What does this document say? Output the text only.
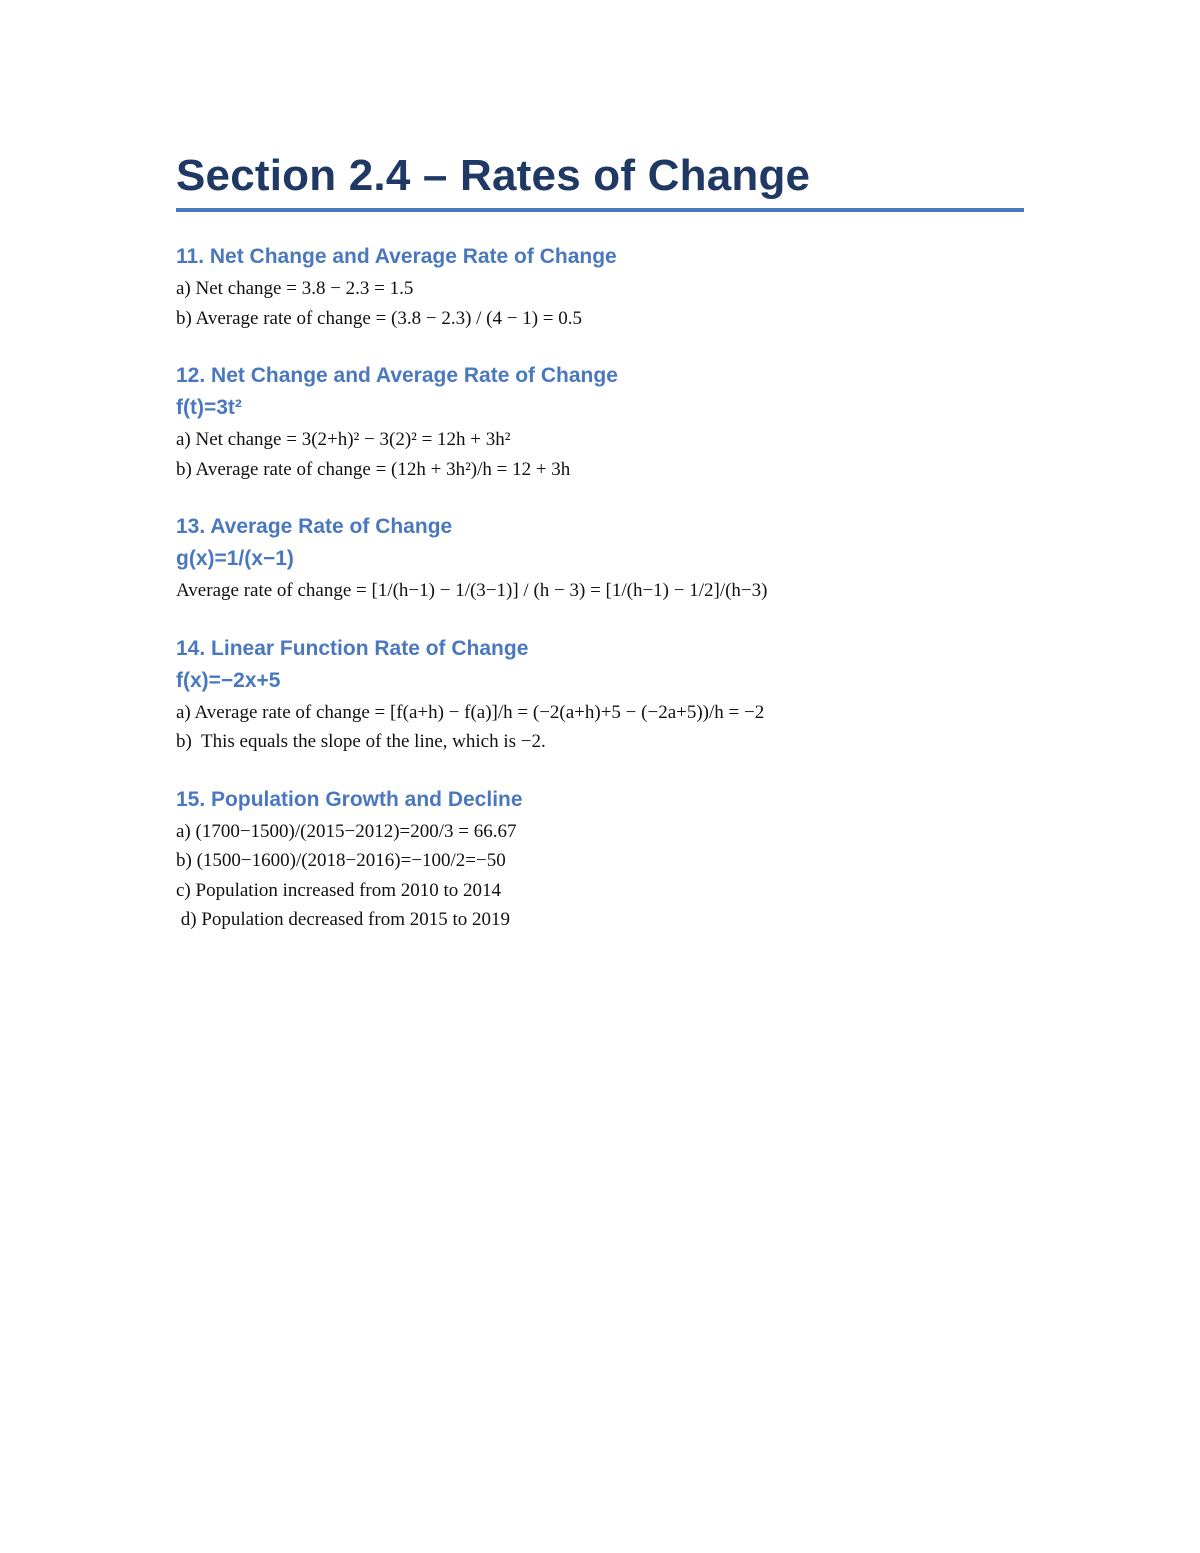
Section 2.4 – Rates of Change

11. Net Change and Average Rate of Change

a) Net change = 3.8 − 2.3 = 1.5

b) Average rate of change = (3.8 − 2.3) / (4 − 1) = 0.5

12. Net Change and Average Rate of Change

f(t)=3t²

a) Net change = 3(2+h)² − 3(2)² = 12h + 3h²

b) Average rate of change = (12h + 3h²)/h = 12 + 3h

13. Average Rate of Change

g(x)=1/(x−1)

Average rate of change = [1/(h−1) − 1/(3−1)] / (h − 3) = [1/(h−1) − 1/2]/(h−3)

14. Linear Function Rate of Change

f(x)=−2x+5

a) Average rate of change = [f(a+h) − f(a)]/h = (−2(a+h)+5 − (−2a+5))/h = −2

b)  This equals the slope of the line, which is −2.

15. Population Growth and Decline

a) (1700−1500)/(2015−2012)=200/3 = 66.67

b) (1500−1600)/(2018−2016)=−100/2=−50

c) Population increased from 2010 to 2014

d) Population decreased from 2015 to 2019
